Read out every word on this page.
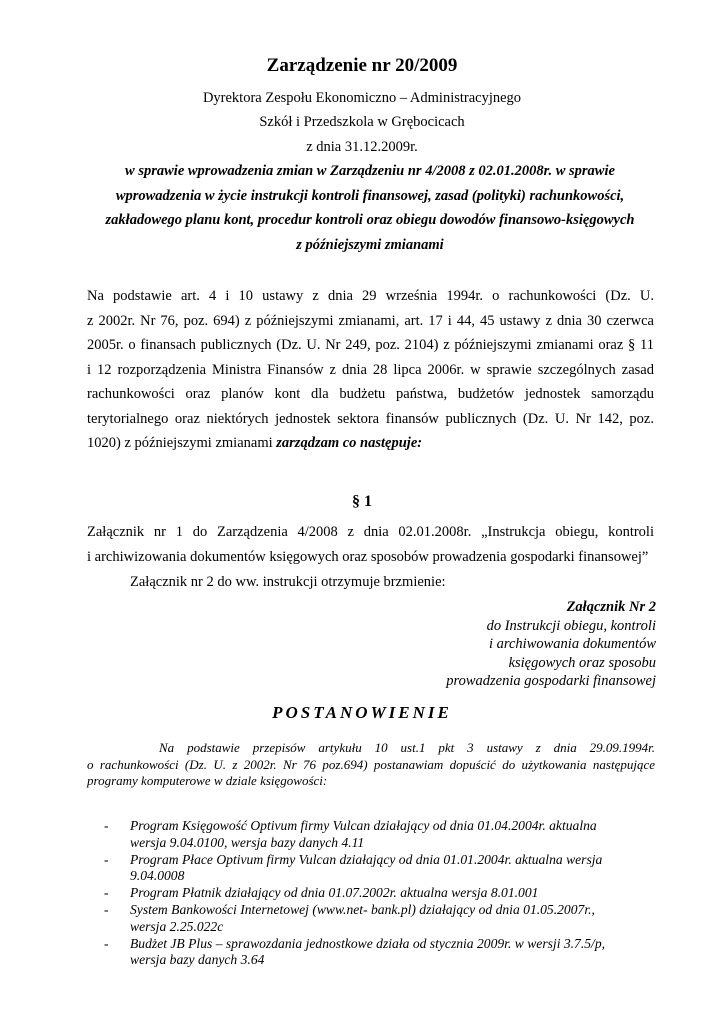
Zarządzenie nr 20/2009
Dyrektora Zespołu Ekonomiczno – Administracyjnego
Szkół i Przedszkola w Grębocicach
z dnia 31.12.2009r.
w sprawie wprowadzenia zmian w Zarządzeniu nr 4/2008 z 02.01.2008r. w sprawie
wprowadzenia w życie instrukcji kontroli finansowej, zasad (polityki) rachunkowości,
zakładowego planu kont, procedur kontroli oraz obiegu dowodów finansowo-księgowych
z późniejszymi zmianami
Na podstawie art. 4 i 10 ustawy z dnia 29 września 1994r. o rachunkowości (Dz. U.
z 2002r. Nr 76, poz. 694) z późniejszymi zmianami, art. 17 i 44, 45 ustawy z dnia 30 czerwca
2005r. o finansach publicznych (Dz. U. Nr 249, poz. 2104) z późniejszymi zmianami oraz § 11
i 12 rozporządzenia Ministra Finansów z dnia 28 lipca 2006r. w sprawie szczególnych zasad
rachunkowości oraz planów kont dla budżetu państwa, budżetów jednostek samorządu
terytorialnego oraz niektórych jednostek sektora finansów publicznych (Dz. U. Nr 142, poz.
1020) z późniejszymi zmianami zarządzam co następuje:
§ 1
Załącznik nr 1 do Zarządzenia 4/2008 z dnia 02.01.2008r. „Instrukcja obiegu, kontroli
i archiwizowania dokumentów księgowych oraz sposobów prowadzenia gospodarki finansowej”
Załącznik nr 2 do ww. instrukcji otrzymuje brzmienie:
Załącznik Nr 2
do Instrukcji obiegu, kontroli
i archiwowania dokumentów
księgowych oraz sposobu
prowadzenia gospodarki finansowej
POSTANOWIENIE
Na podstawie przepisów artykułu 10 ust.1 pkt 3 ustawy z dnia 29.09.1994r.
o rachunkowości (Dz. U. z 2002r. Nr 76 poz.694) postanawiam dopuścić do użytkowania następujące
programy komputerowe w dziale księgowości:
- Program Księgowość Optivum firmy Vulcan działający od dnia 01.04.2004r. aktualna
wersja 9.04.0100, wersja bazy danych 4.11
- Program Płace Optivum firmy Vulcan działający od dnia 01.01.2004r. aktualna wersja
9.04.0008
- Program Płatnik działający od dnia 01.07.2002r. aktualna wersja 8.01.001
- System Bankowości Internetowej (www.net- bank.pl) działający od dnia 01.05.2007r.,
wersja 2.25.022c
- Budżet JB Plus – sprawozdania jednostkowe działa od stycznia 2009r. w wersji 3.7.5/p,
wersja bazy danych 3.64
